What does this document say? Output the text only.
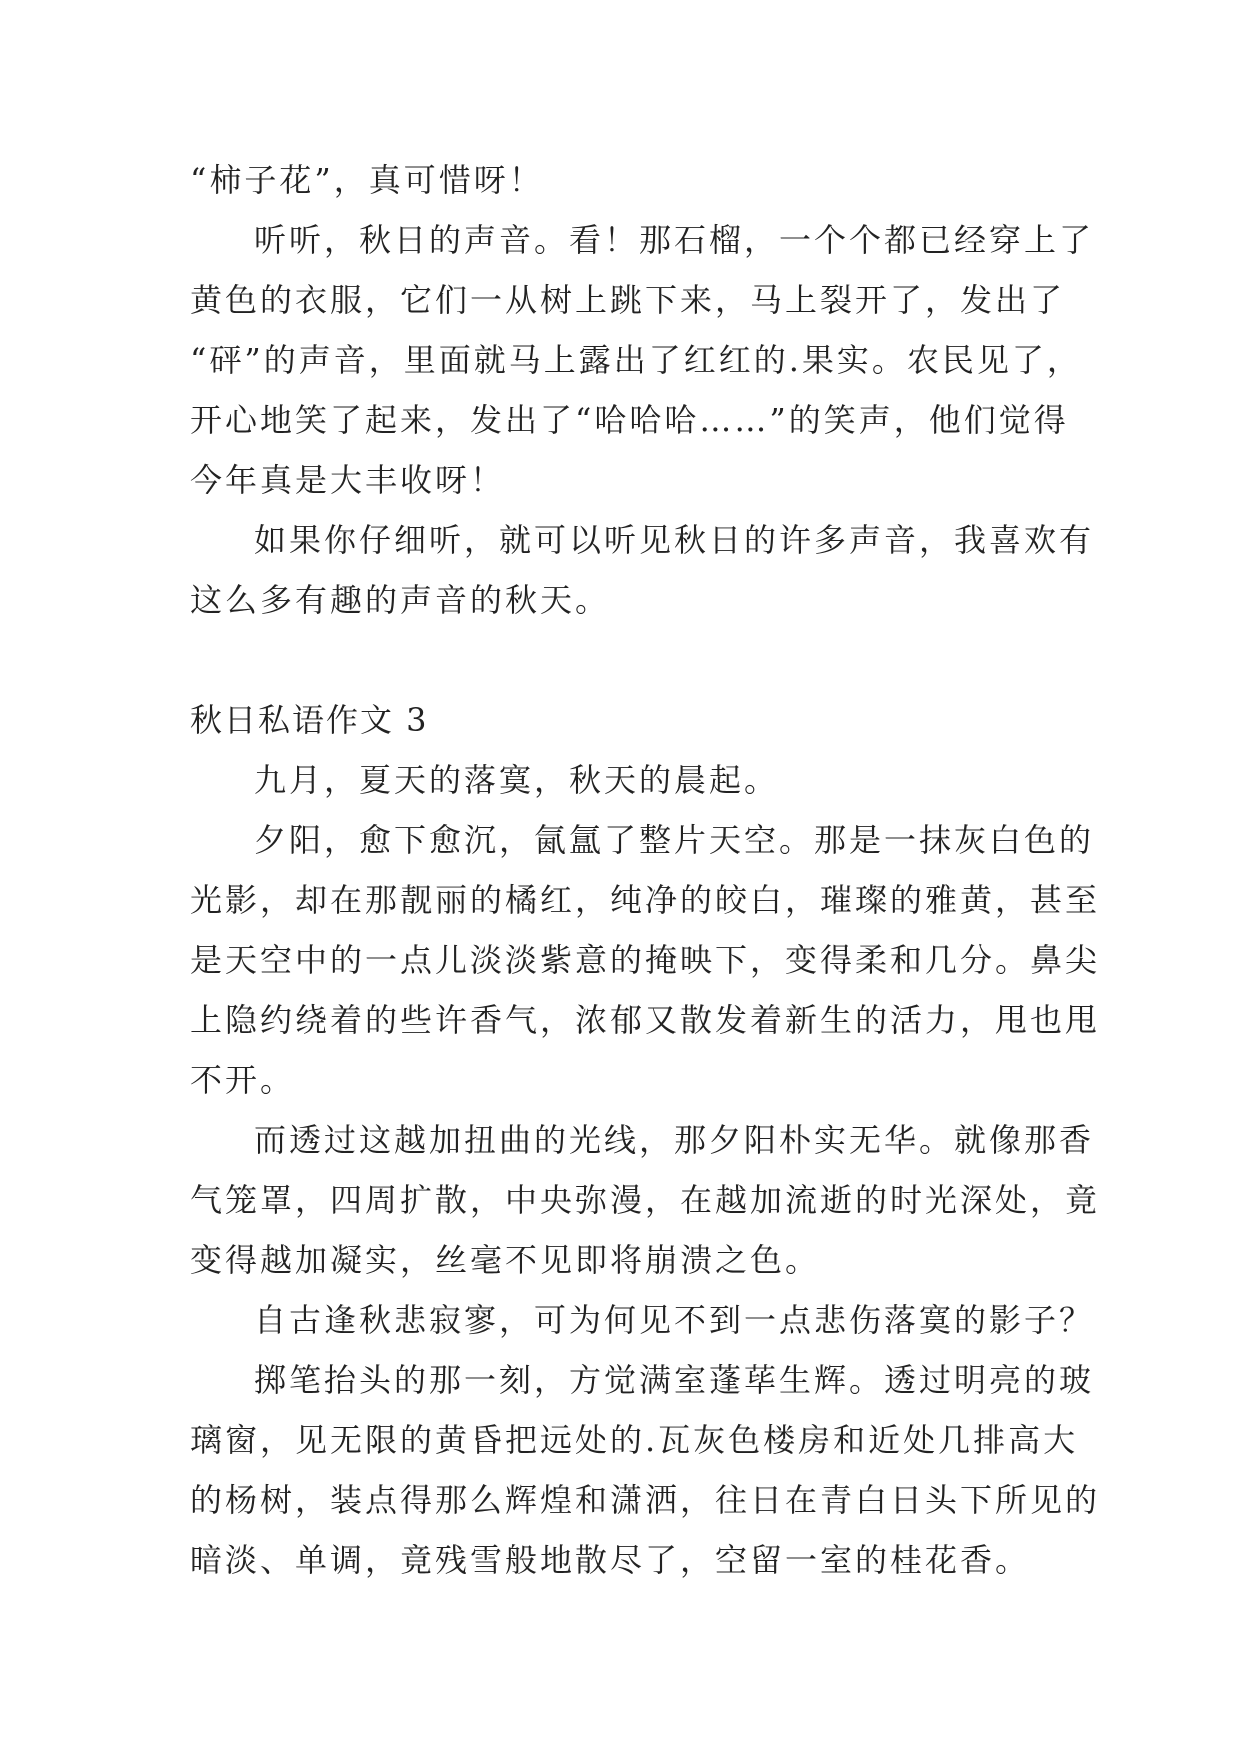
“柿子花”，真可惜呀！

听听，秋日的声音。看！那石榴，一个个都已经穿上了

黄色的衣服，它们一从树上跳下来，马上裂开了，发出了

“砰”的声音，里面就马上露出了红红的.果实。农民见了，

开心地笑了起来，发出了“哈哈哈……”的笑声，他们觉得

今年真是大丰收呀！

如果你仔细听，就可以听见秋日的许多声音，我喜欢有

这么多有趣的声音的秋天。

秋日私语作文 3

九月，夏天的落寞，秋天的晨起。

夕阳，愈下愈沉，氤氲了整片天空。那是一抹灰白色的

光影，却在那靓丽的橘红，纯净的皎白，璀璨的雅黄，甚至

是天空中的一点儿淡淡紫意的掩映下，变得柔和几分。鼻尖

上隐约绕着的些许香气，浓郁又散发着新生的活力，甩也甩

不开。

而透过这越加扭曲的光线，那夕阳朴实无华。就像那香

气笼罩，四周扩散，中央弥漫，在越加流逝的时光深处，竟

变得越加凝实，丝毫不见即将崩溃之色。

自古逢秋悲寂寥，可为何见不到一点悲伤落寞的影子？

掷笔抬头的那一刻，方觉满室蓬荜生辉。透过明亮的玻

璃窗，见无限的黄昏把远处的.瓦灰色楼房和近处几排高大

的杨树，装点得那么辉煌和潇洒，往日在青白日头下所见的

暗淡、单调，竟残雪般地散尽了，空留一室的桂花香。
